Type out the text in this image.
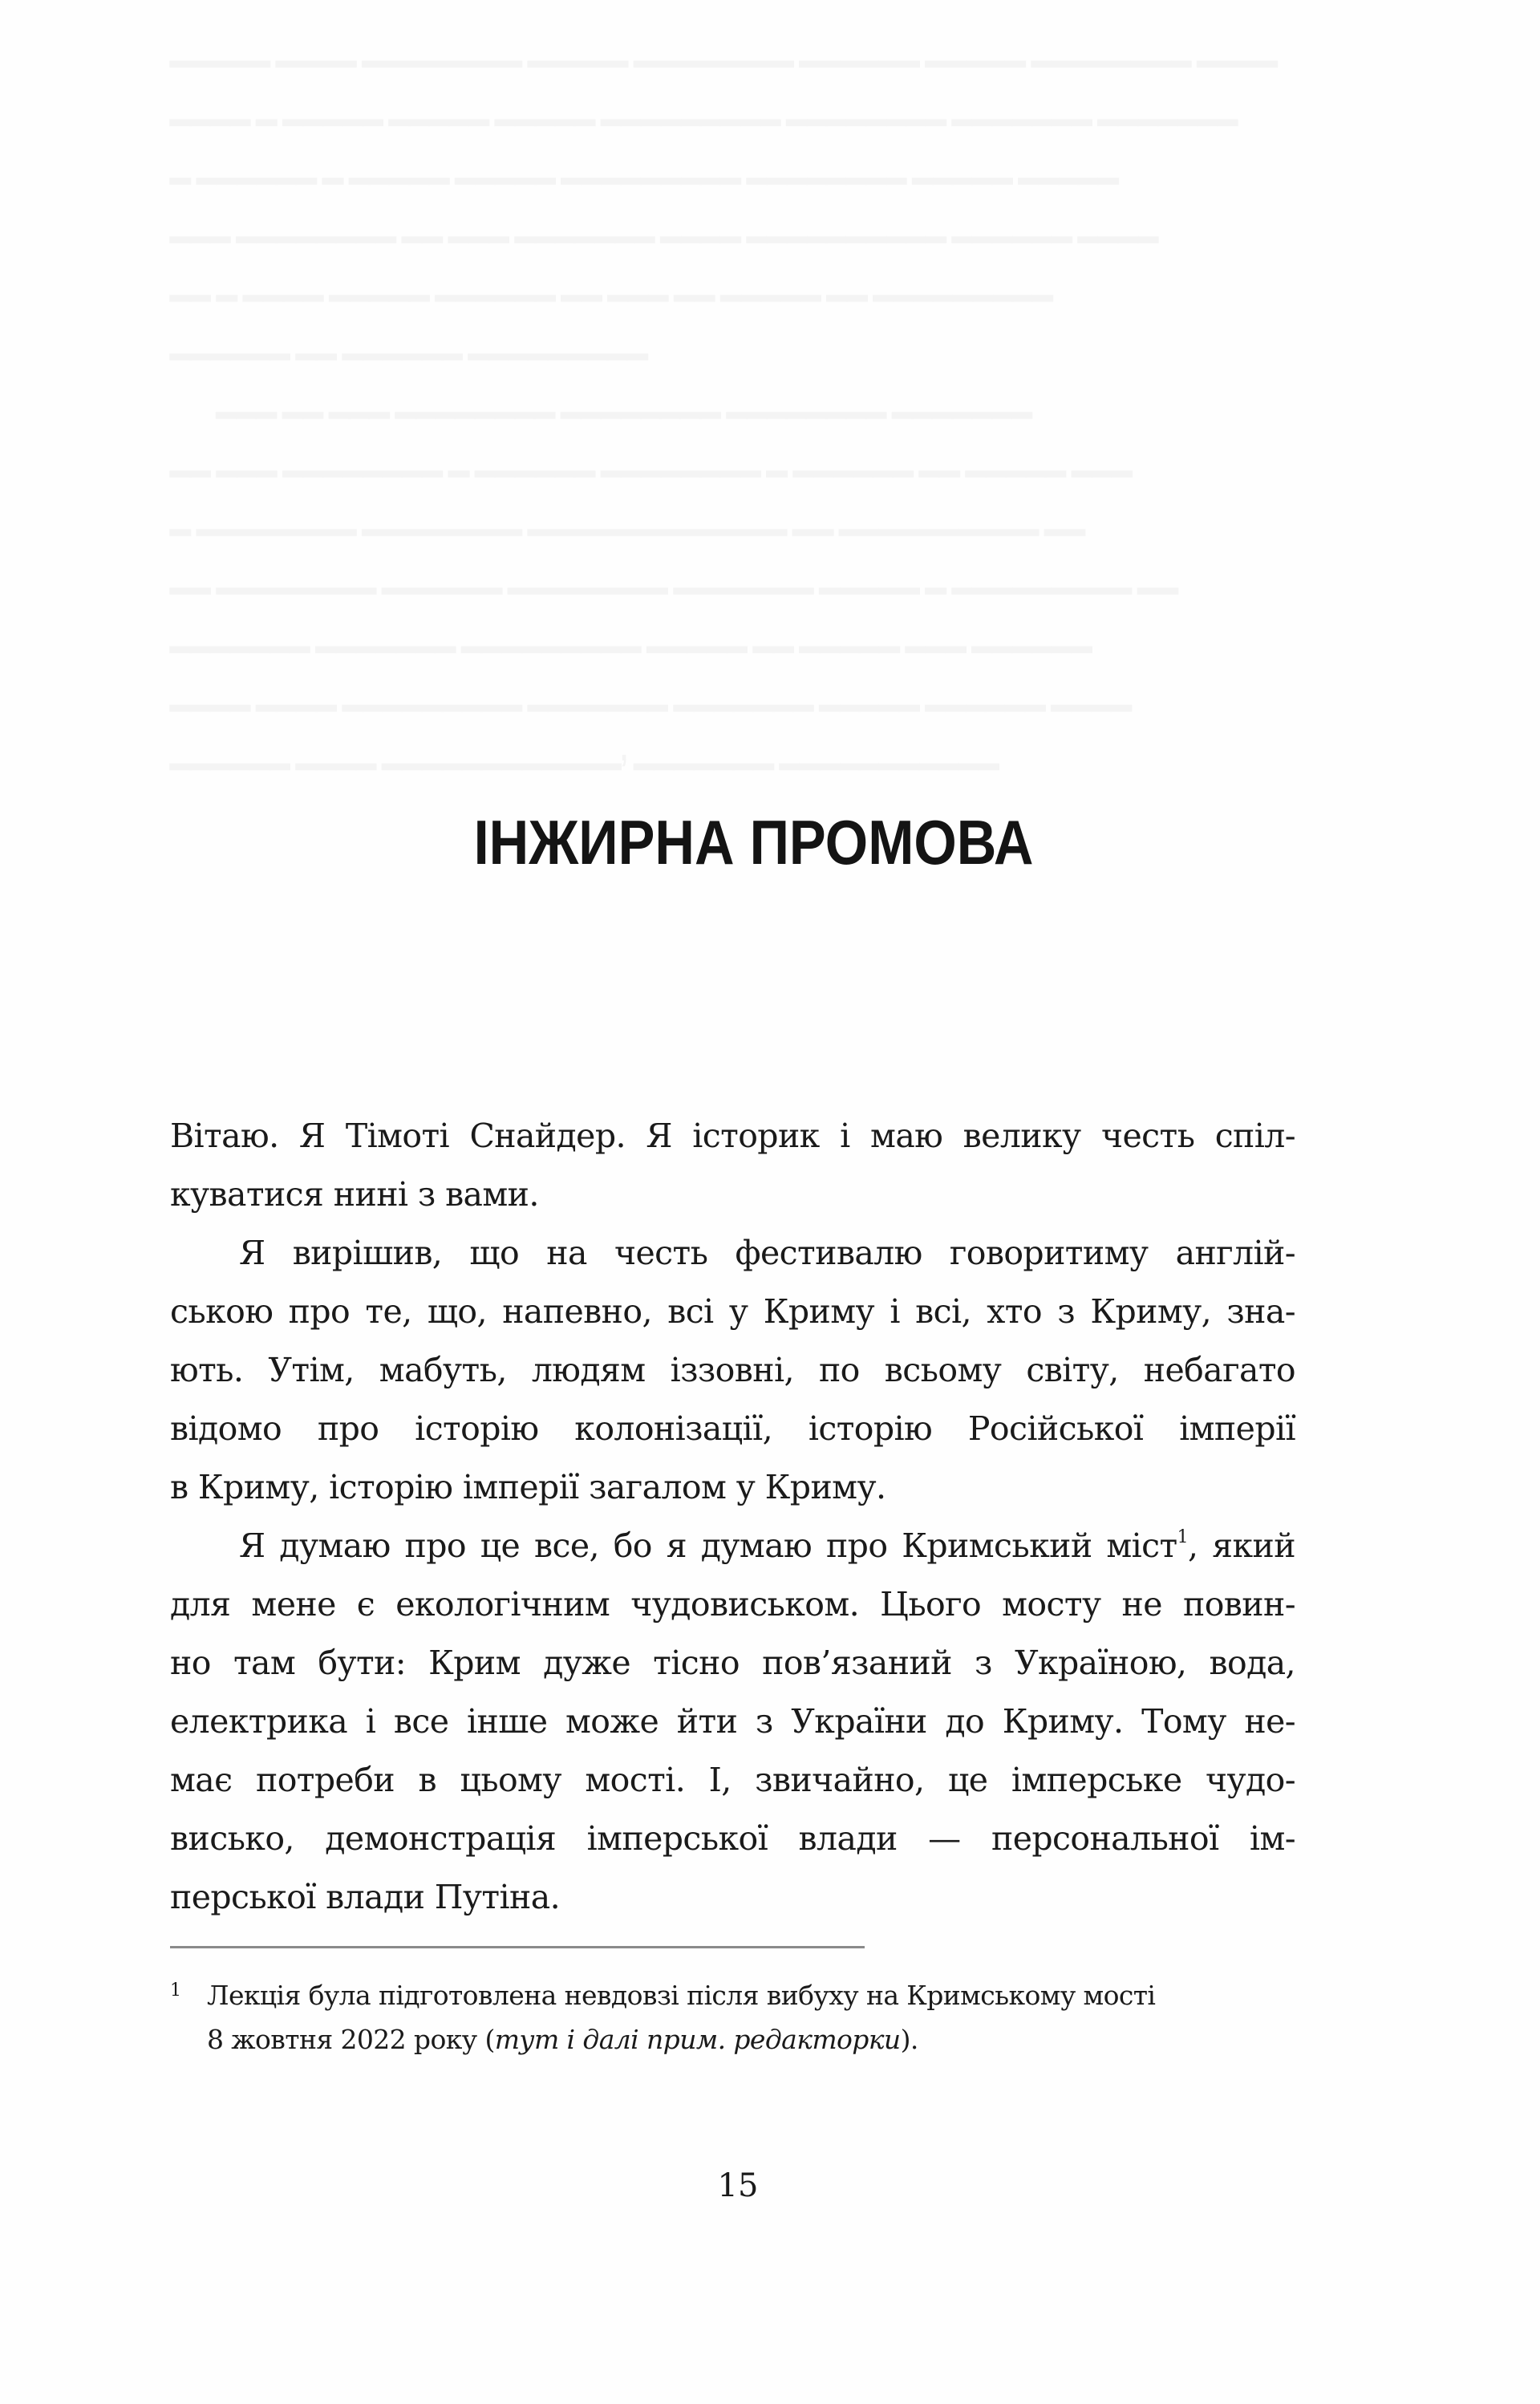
▁▁▁▁▁ ▁▁▁▁ ▁▁▁▁▁▁▁▁ ▁▁▁▁▁ ▁▁▁▁▁▁▁▁ ▁▁▁▁▁▁ ▁▁▁▁▁ ▁▁▁▁▁▁▁▁ ▁▁▁▁

▁▁▁▁ ▁ ▁▁▁▁▁ ▁▁▁▁▁ ▁▁▁▁▁ ▁▁▁▁▁▁▁▁▁ ▁▁▁▁▁▁▁▁ ▁▁▁▁▁▁▁ ▁▁▁▁▁▁▁

▁ ▁▁▁▁▁▁ ▁ ▁▁▁▁▁ ▁▁▁▁▁ ▁▁▁▁▁▁▁▁▁ ▁▁▁▁▁▁▁▁ ▁▁▁▁▁ ▁▁▁▁▁

▁▁▁ ▁▁▁▁▁▁▁▁ ▁▁ ▁▁▁ ▁▁▁▁▁▁▁ ▁▁▁▁ ▁▁▁▁▁▁▁▁▁▁ ▁▁▁▁▁▁ ▁▁▁▁

▁▁ ▁ ▁▁▁▁ ▁▁▁▁▁ ▁▁▁▁▁▁ ▁▁ ▁▁▁ ▁▁ ▁▁▁▁▁ ▁▁ ▁▁▁▁▁▁▁▁▁

▁▁▁▁▁▁ ▁▁ ▁▁▁▁▁▁ ▁▁▁▁▁▁▁▁▁

▁▁▁ ▁▁ ▁▁▁ ▁▁▁▁▁▁▁▁ ▁▁▁▁▁▁▁▁ ▁▁▁▁▁▁▁▁ ▁▁▁▁▁▁▁

▁▁ ▁▁▁ ▁▁▁▁▁▁▁▁ ▁ ▁▁▁▁▁▁ ▁▁▁▁▁▁▁▁ ▁ ▁▁▁▁▁▁ ▁▁ ▁▁▁▁▁ ▁▁▁

▁ ▁▁▁▁▁▁▁▁ ▁▁▁▁▁▁▁▁ ▁▁▁▁▁▁▁▁▁▁▁▁▁ ▁▁ ▁▁▁▁▁▁▁▁▁▁ ▁▁

▁▁ ▁▁▁▁▁▁▁▁ ▁▁▁▁▁▁ ▁▁▁▁▁▁▁▁ ▁▁▁▁▁▁▁ ▁▁▁▁▁ ▁ ▁▁▁▁▁▁▁▁▁ ▁▁

▁▁▁▁▁▁▁ ▁▁▁▁▁▁▁ ▁▁▁▁▁▁▁▁▁ ▁▁▁▁▁ ▁▁ ▁▁▁▁▁ ▁▁▁ ▁▁▁▁▁▁

▁▁▁▁ ▁▁▁▁ ▁▁▁▁▁▁▁▁▁ ▁▁▁▁▁▁▁ ▁▁▁▁▁▁▁ ▁▁▁▁▁ ▁▁▁▁▁▁ ▁▁▁▁

▁▁▁▁▁▁ ▁▁▁▁ ▁▁▁▁▁▁▁▁▁▁▁▁, ▁▁▁▁▁▁▁ ▁▁▁▁▁▁▁▁▁▁▁

ІНЖИРНА ПРОМОВА
Вітаю. Я Тімоті Снайдер. Я історик і маю велику честь спіл-
куватися нині з вами.
Я вирішив, що на честь фестивалю говоритиму англій-
ською про те, що, напевно, всі у Криму і всі, хто з Криму, зна-
ють. Утім, мабуть, людям іззовні, по всьому світу, небагато
відомо про історію колонізації, історію Російської імперії
в Криму, історію імперії загалом у Криму.
Я думаю про це все, бо я думаю про Кримський міст$^1$, який
для мене є екологічним чудовиськом. Цього мосту не повин-
но там бути: Крим дуже тісно пов’язаний з Україною, вода,
електрика і все інше може йти з України до Криму. Тому не-
має потреби в цьому мості. І, звичайно, це імперське чудо-
висько, демонстрація імперської влади — персональної ім-
перської влади Путіна.
1 Лекція була підготовлена невдовзі після вибуху на Кримському мості
8 жовтня 2022 року (тут і далі прим. редакторки).
15
